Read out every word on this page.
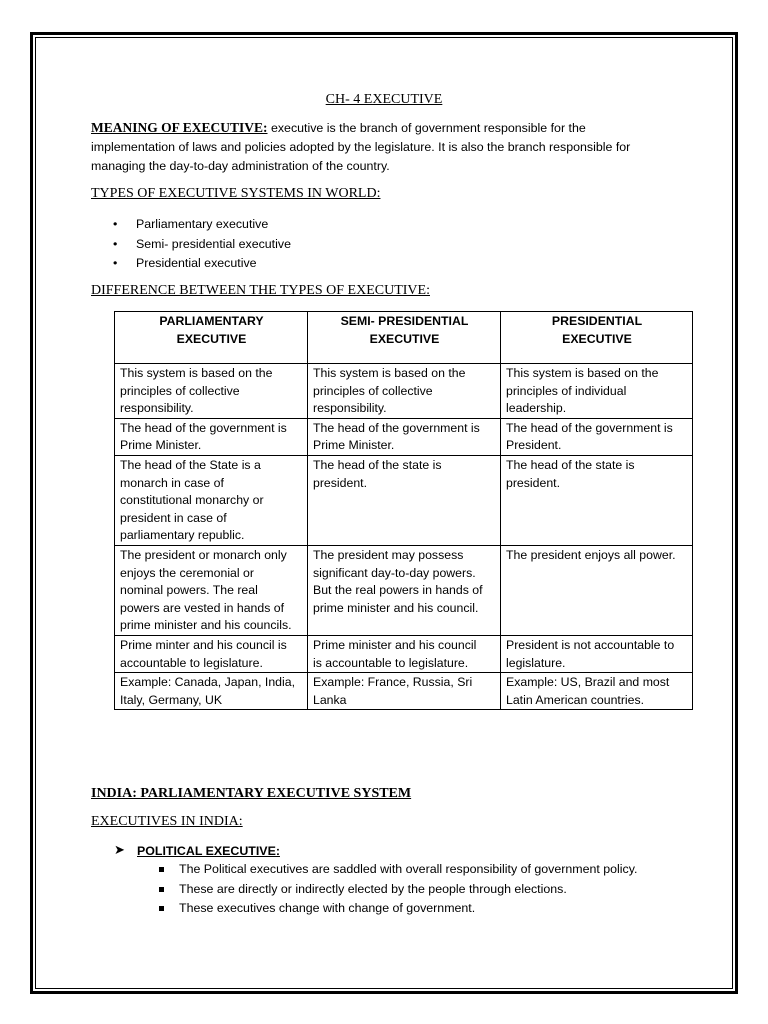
CH- 4 EXECUTIVE

MEANING OF EXECUTIVE: executive is the branch of government responsible for the
implementation of laws and policies adopted by the legislature. It is also the branch responsible for
managing the day-to-day administration of the country.

TYPES OF EXECUTIVE SYSTEMS IN WORLD:

• Parliamentary executive
• Semi- presidential executive
• Presidential executive

DIFFERENCE BETWEEN THE TYPES OF EXECUTIVE:

PARLIAMENTARY
EXECUTIVE	SEMI- PRESIDENTIAL
EXECUTIVE	PRESIDENTIAL
EXECUTIVE
This system is based on the
principles of collective
responsibility.	This system is based on the
principles of collective
responsibility.	This system is based on the
principles of individual
leadership.
The head of the government is
Prime Minister.	The head of the government is
Prime Minister.	The head of the government is
President.
The head of the State is a
monarch in case of
constitutional monarchy or
president in case of
parliamentary republic.	The head of the state is
president.	The head of the state is
president.
The president or monarch only
enjoys the ceremonial or
nominal powers. The real
powers are vested in hands of
prime minister and his councils.	The president may possess
significant day-to-day powers.
But the real powers in hands of
prime minister and his council.	The president enjoys all power.
Prime minter and his council is
accountable to legislature.	Prime minister and his council
is accountable to legislature.	President is not accountable to
legislature.
Example: Canada, Japan, India,
Italy, Germany, UK	Example: France, Russia, Sri
Lanka	Example: US, Brazil and most
Latin American countries.

INDIA: PARLIAMENTARY EXECUTIVE SYSTEM

EXECUTIVES IN INDIA:

➤ POLITICAL EXECUTIVE:
The Political executives are saddled with overall responsibility of government policy.
These are directly or indirectly elected by the people through elections.
These executives change with change of government.
